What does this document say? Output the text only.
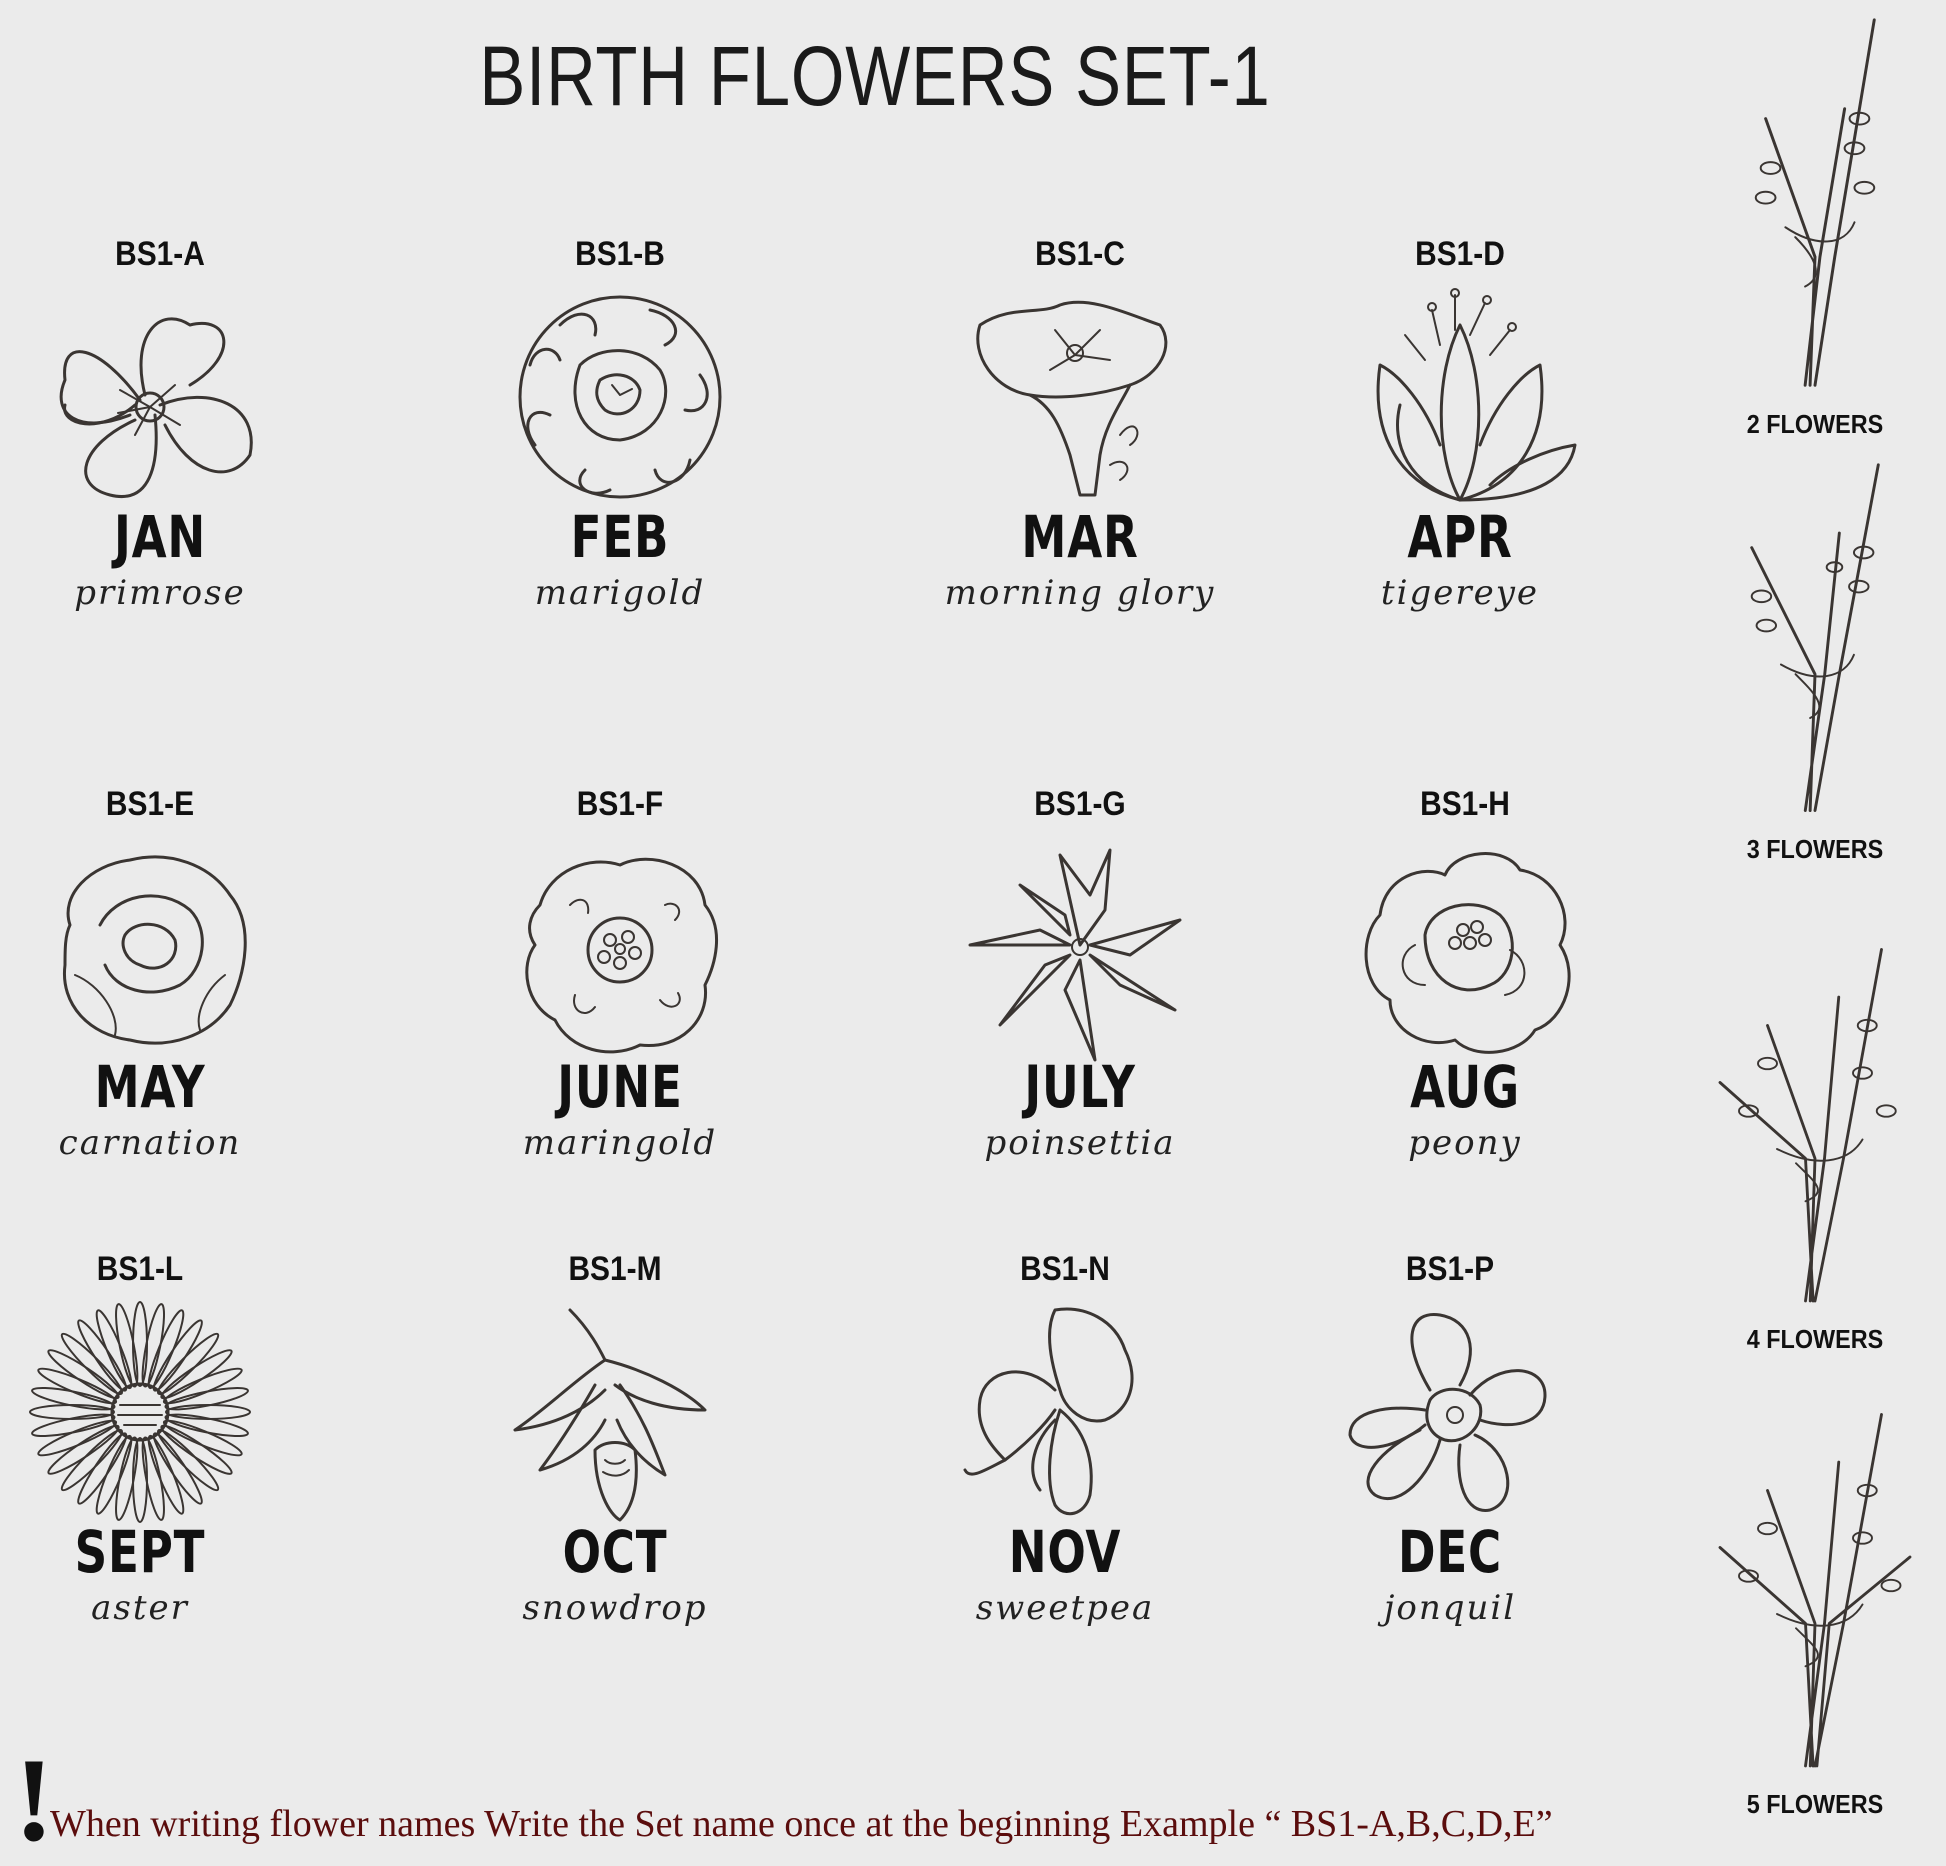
BIRTH FLOWERS SET-1
BS1-A
JAN
primrose
BS1-B
FEB
marigold
BS1-C
MAR
morning glory
BS1-D
APR
tigereye
BS1-E
MAY
carnation
BS1-F
JUNE
maringold
BS1-G
JULY
poinsettia
BS1-H
AUG
peony
BS1-L
SEPT
aster
BS1-M
OCT
snowdrop
BS1-N
NOV
sweetpea
BS1-P
DEC
jonquil
2 FLOWERS
3 FLOWERS
4 FLOWERS
5 FLOWERS
!
When writing flower names Write the Set name once at the beginning Example “ BS1-A,B,C,D,E”
